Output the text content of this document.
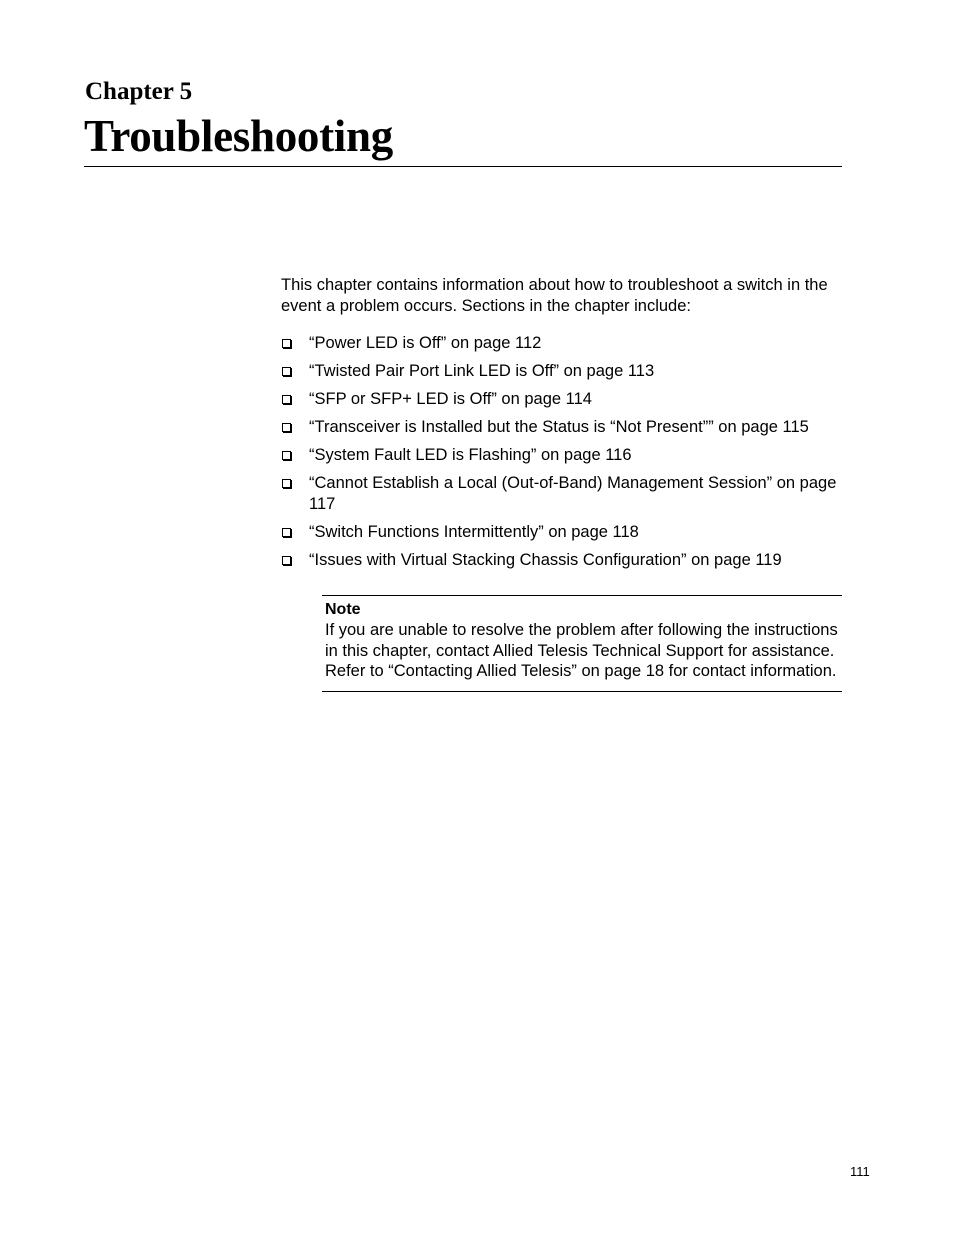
Chapter 5
Troubleshooting

This chapter contains information about how to troubleshoot a switch in the event a problem occurs. Sections in the chapter include:

“Power LED is Off” on page 112
“Twisted Pair Port Link LED is Off” on page 113
“SFP or SFP+ LED is Off” on page 114
“Transceiver is Installed but the Status is “Not Present”” on page 115
“System Fault LED is Flashing” on page 116
“Cannot Establish a Local (Out-of-Band) Management Session” on page 117
“Switch Functions Intermittently” on page 118
“Issues with Virtual Stacking Chassis Configuration” on page 119

Note

If you are unable to resolve the problem after following the instructions in this chapter, contact Allied Telesis Technical Support for assistance. Refer to “Contacting Allied Telesis” on page 18 for contact information.

111
